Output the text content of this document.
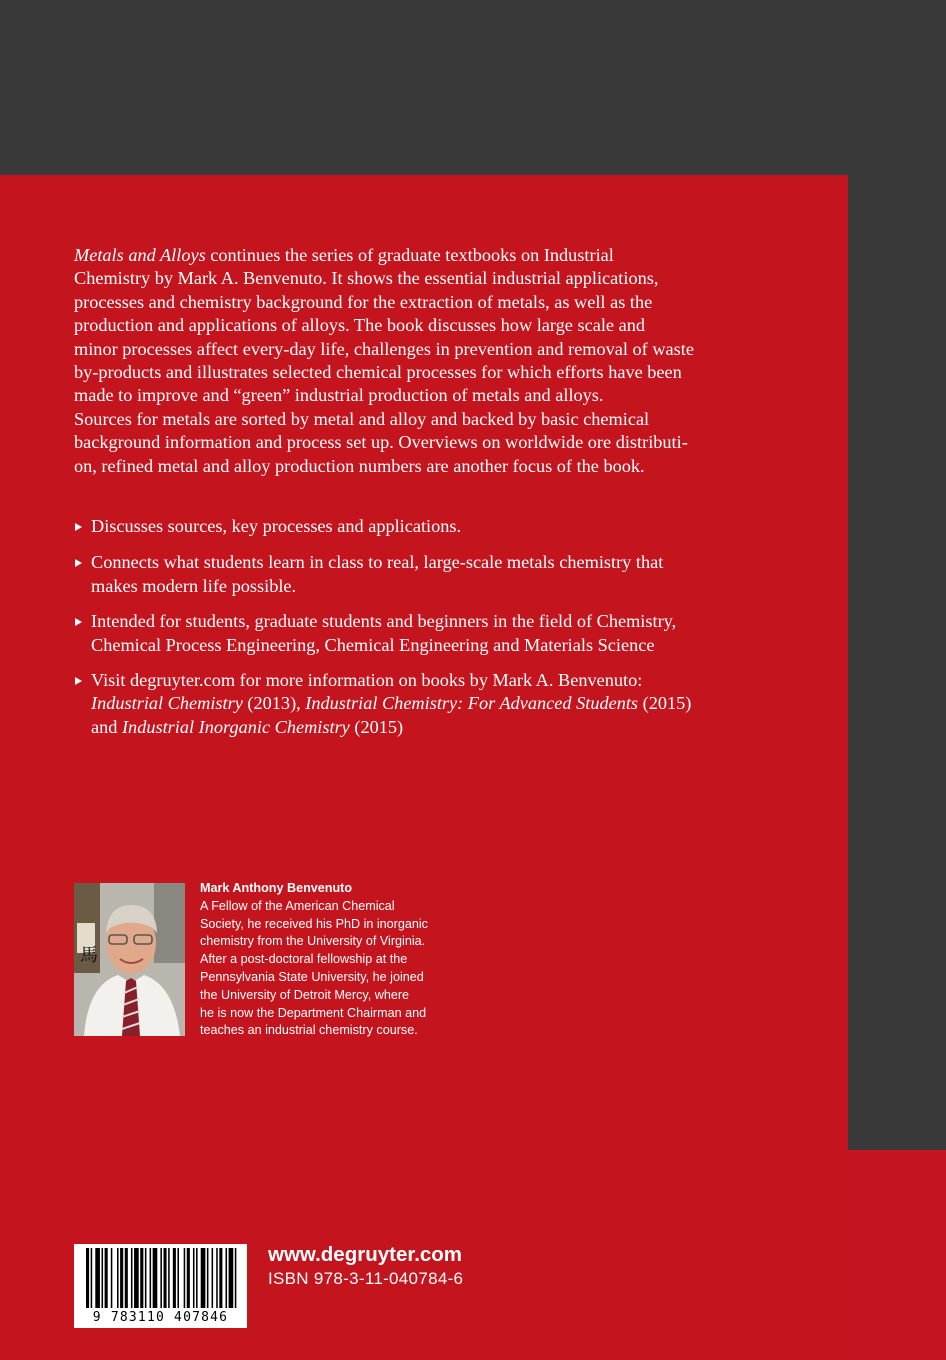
Metals and Alloys continues the series of graduate textbooks on Industrial

Chemistry by Mark A. Benvenuto. It shows the essential industrial applications,

processes and chemistry background for the extraction of metals, as well as the

production and applications of alloys. The book discusses how large scale and

minor processes affect every-day life, challenges in prevention and removal of waste

by-products and illustrates selected chemical processes for which efforts have been

made to improve and “green” industrial production of metals and alloys.

Sources for metals are sorted by metal and alloy and backed by basic chemical

background information and process set up. Overviews on worldwide ore distributi-

on, refined metal and alloy production numbers are another focus of the book.

Discusses sources, key processes and applications.
Connects what students learn in class to real, large-scale metals chemistry that
makes modern life possible.
Intended for students, graduate students and beginners in the field of Chemistry,
Chemical Process Engineering, Chemical Engineering and Materials Science
Visit degruyter.com for more information on books by Mark A. Benvenuto:
Industrial Chemistry (2013), Industrial Chemistry: For Advanced Students (2015)
and Industrial Inorganic Chemistry (2015)
馬
Mark Anthony Benvenuto
A Fellow of the American Chemical
Society, he received his PhD in inorganic
chemistry from the University of Virginia.
After a post-doctoral fellowship at the
Pennsylvania State University, he joined
the University of Detroit Mercy, where
he is now the Department Chairman and
teaches an industrial chemistry course.
9 783110 407846
www.degruyter.com
ISBN 978-3-11-040784-6
